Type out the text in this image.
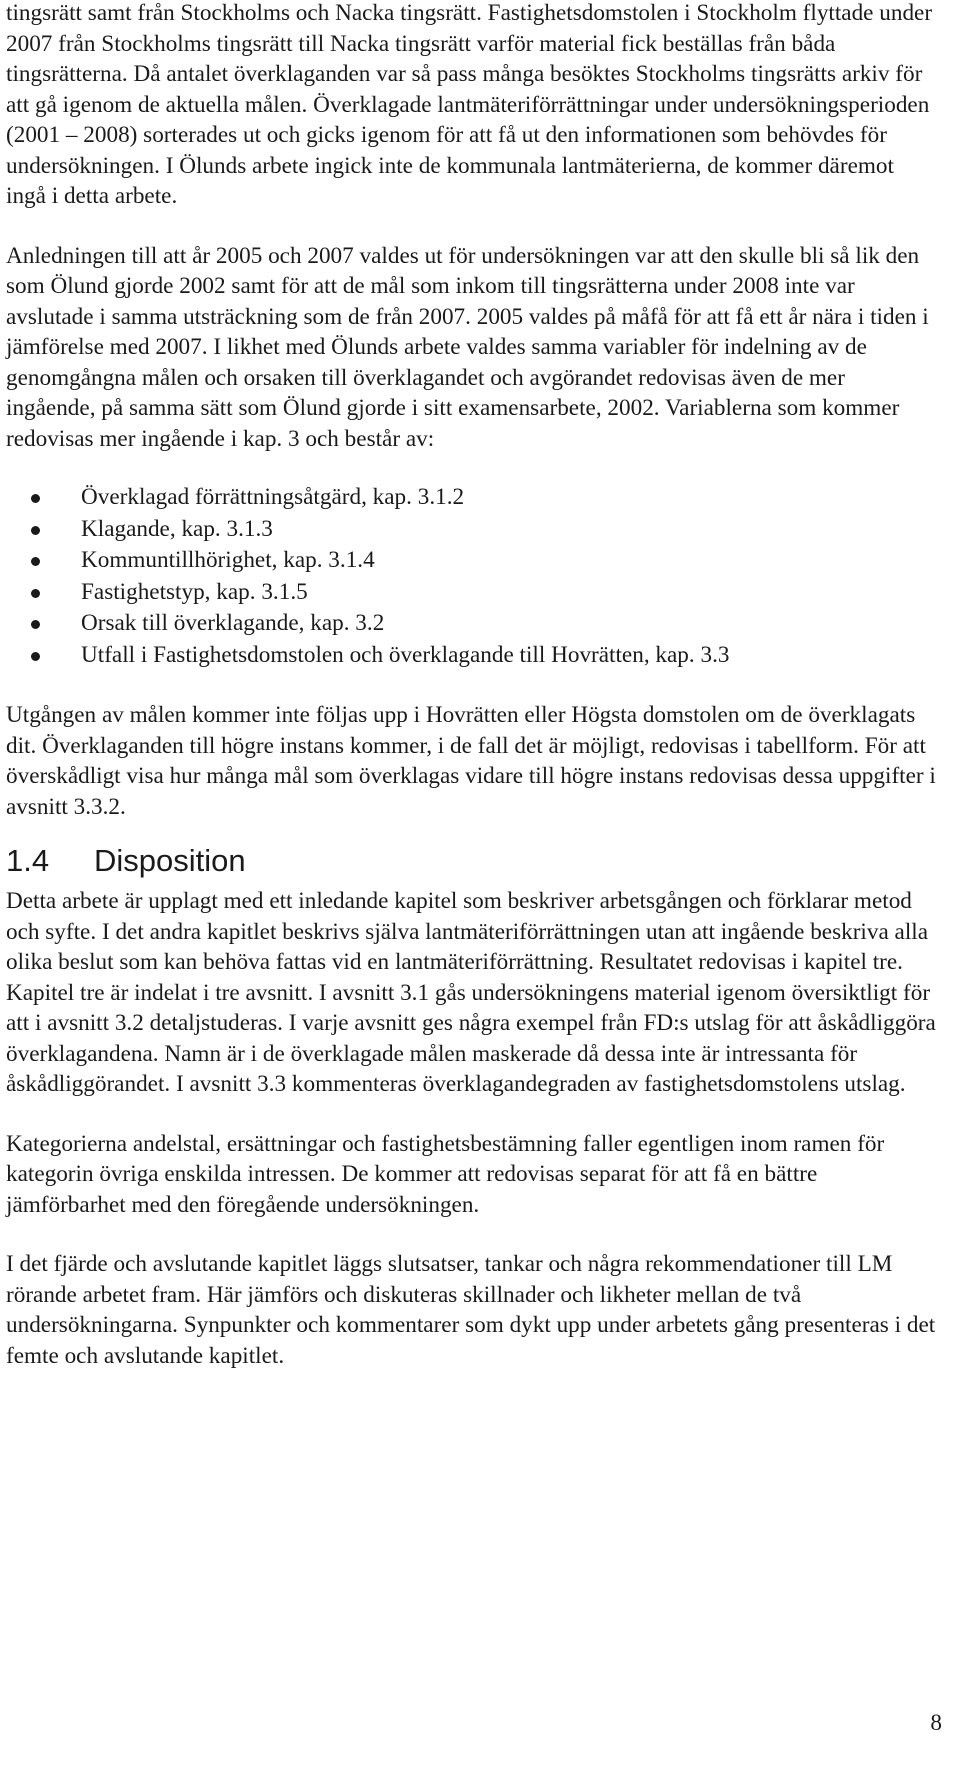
tingsrätt samt från Stockholms och Nacka tingsrätt. Fastighetsdomstolen i Stockholm flyttade under 2007 från Stockholms tingsrätt till Nacka tingsrätt varför material fick beställas från båda tingsrätterna. Då antalet överklaganden var så pass många besöktes Stockholms tingsrätts arkiv för att gå igenom de aktuella målen. Överklagade lantmäteriförrättningar under undersökningsperioden (2001 – 2008) sorterades ut och gicks igenom för att få ut den informationen som behövdes för undersökningen. I Ölunds arbete ingick inte de kommunala lantmäterierna, de kommer däremot ingå i detta arbete.

Anledningen till att år 2005 och 2007 valdes ut för undersökningen var att den skulle bli så lik den som Ölund gjorde 2002 samt för att de mål som inkom till tingsrätterna under 2008 inte var avslutade i samma utsträckning som de från 2007. 2005 valdes på måfå för att få ett år nära i tiden i jämförelse med 2007. I likhet med Ölunds arbete valdes samma variabler för indelning av de genomgångna målen och orsaken till överklagandet och avgörandet redovisas även de mer ingående, på samma sätt som Ölund gjorde i sitt examensarbete, 2002. Variablerna som kommer redovisas mer ingående i kap. 3 och består av:

Överklagad förrättningsåtgärd, kap. 3.1.2
Klagande, kap. 3.1.3
Kommuntillhörighet, kap. 3.1.4
Fastighetstyp, kap. 3.1.5
Orsak till överklagande, kap. 3.2
Utfall i Fastighetsdomstolen och överklagande till Hovrätten, kap. 3.3

Utgången av målen kommer inte följas upp i Hovrätten eller Högsta domstolen om de överklagats dit. Överklaganden till högre instans kommer, i de fall det är möjligt, redovisas i tabellform. För att överskådligt visa hur många mål som överklagas vidare till högre instans redovisas dessa uppgifter i avsnitt 3.3.2.

1.4 Disposition

Detta arbete är upplagt med ett inledande kapitel som beskriver arbetsgången och förklarar metod och syfte. I det andra kapitlet beskrivs själva lantmäteriförrättningen utan att ingående beskriva alla olika beslut som kan behöva fattas vid en lantmäteriförrättning. Resultatet redovisas i kapitel tre. Kapitel tre är indelat i tre avsnitt. I avsnitt 3.1 gås undersökningens material igenom översiktligt för att i avsnitt 3.2 detaljstuderas. I varje avsnitt ges några exempel från FD:s utslag för att åskådliggöra överklagandena. Namn är i de överklagade målen maskerade då dessa inte är intressanta för åskådliggörandet. I avsnitt 3.3 kommenteras överklagandegraden av fastighetsdomstolens utslag.

Kategorierna andelstal, ersättningar och fastighetsbestämning faller egentligen inom ramen för kategorin övriga enskilda intressen. De kommer att redovisas separat för att få en bättre jämförbarhet med den föregående undersökningen.

I det fjärde och avslutande kapitlet läggs slutsatser, tankar och några rekommendationer till LM rörande arbetet fram. Här jämförs och diskuteras skillnader och likheter mellan de två undersökningarna. Synpunkter och kommentarer som dykt upp under arbetets gång presenteras i det femte och avslutande kapitlet.

8
